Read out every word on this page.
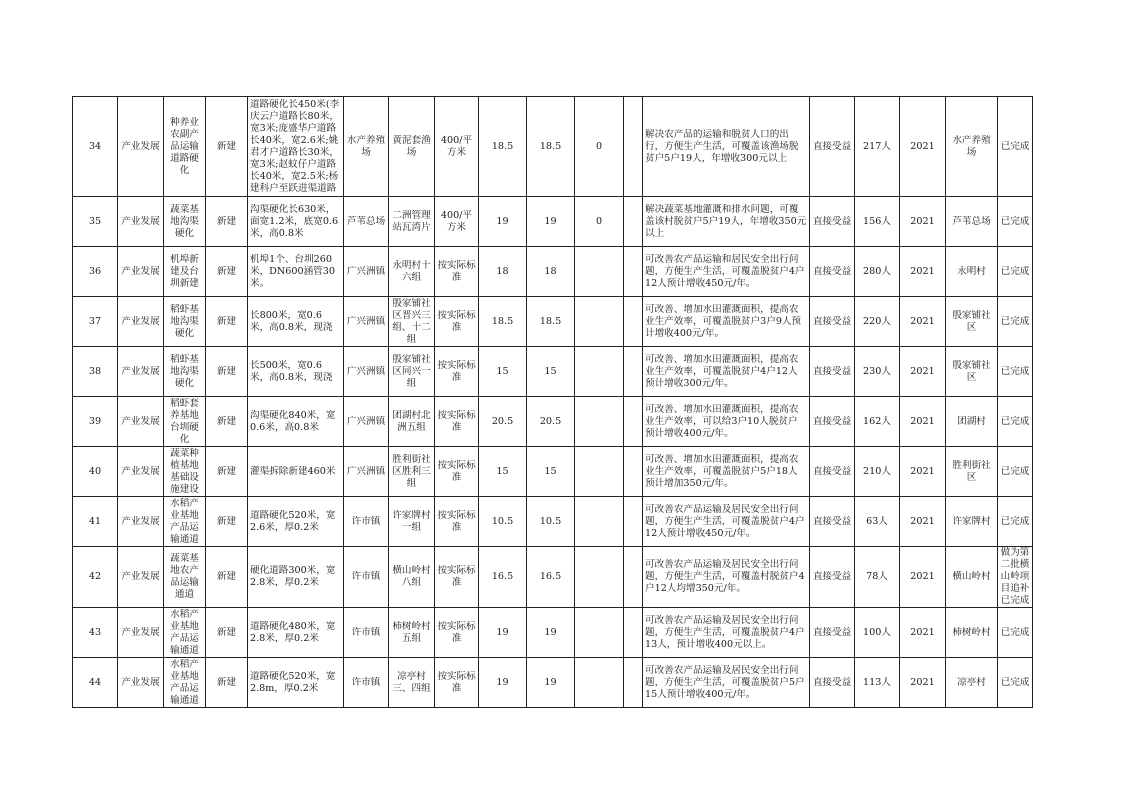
34	产业发展	种养业农副产品运输道路硬化	新建	道路硬化长450米(李庆云户道路长80米，宽3米;庞盛华户道路长40米，宽2.6米;姚君才户道路长30米，宽3米;赵蚊仔户道路长40米，宽2.5米;杨建科户至跃进渠道路	水产养殖场	黄泥套渔场	400/平方米	18.5	18.5	0		解决农产品的运输和脱贫人口的出行，方便生产生活，可覆盖该渔场脱贫户5户19人，年增收300元以上	直接受益	217人	2021	水产养殖场	已完成

35	产业发展	蔬菜基地沟渠硬化	新建	沟渠硬化长630米，面宽1.2米，底宽0.6米，高0.8米	芦苇总场	二洲管理站瓦湾片	400/平方米	19	19	0		解决蔬菜基地灌溉和排水问题，可覆盖该村脱贫户5户19人，年增收350元以上	直接受益	156人	2021	芦苇总场	已完成

36	产业发展	机埠新建及台圳新建	新建	机埠1个、台圳260米，DN600涵管30米。	广兴洲镇	永明村十六组	按实际标准	18	18			可改善农产品运输和居民安全出行问题，方便生产生活，可覆盖脱贫户4户12人预计增收450元/年。	直接受益	280人	2021	永明村	已完成

37	产业发展	稻虾基地沟渠硬化	新建	长800米，宽0.6米，高0.8米，现浇	广兴洲镇	殷家铺社区晋兴三组、十二组	按实际标准	18.5	18.5			可改善、增加水田灌溉面积，提高农业生产效率，可覆盖脱贫户3户9人预计增收400元/年。	直接受益	220人	2021	殷家铺社区	已完成

38	产业发展	稻虾基地沟渠硬化	新建	长500米，宽0.6米，高0.8米，现浇	广兴洲镇	殷家铺社区同兴一组	按实际标准	15	15			可改善、增加水田灌溉面积，提高农业生产效率，可覆盖脱贫户4户12人预计增收300元/年。	直接受益	230人	2021	殷家铺社区	已完成

39	产业发展	稻虾套养基地台圳硬化	新建	沟渠硬化840米，宽0.6米，高0.8米	广兴洲镇	团湖村北洲五组	按实际标准	20.5	20.5			可改善、增加水田灌溉面积，提高农业生产效率，可以给3户10人脱贫户预计增收400元/年。	直接受益	162人	2021	团湖村	已完成

40	产业发展	蔬菜种植基地基础设施建设	新建	灌渠拆除新建460米	广兴洲镇	胜利街社区胜利三组	按实际标准	15	15			可改善、增加水田灌溉面积，提高农业生产效率，可覆盖脱贫户5户18人预计增加350元/年。	直接受益	210人	2021	胜利街社区	已完成

41	产业发展	水稻产业基地产品运输通道	新建	道路硬化520米，宽2.6米，厚0.2米	许市镇	许家牌村一组	按实际标准	10.5	10.5			可改善农产品运输及居民安全出行问题，方便生产生活，可覆盖脱贫户4户12人预计增收450元/年。	直接受益	63人	2021	许家牌村	已完成

42	产业发展	蔬菜基地农产品运输通道	新建	硬化道路300米，宽2.8米，厚0.2米	许市镇	横山岭村八组	按实际标准	16.5	16.5			可改善农产品运输及居民安全出行问题，方便生产生活，可覆盖村脱贫户4户12人均增350元/年。	直接受益	78人	2021	横山岭村	做为第二批横山岭项目追补已完成

43	产业发展	水稻产业基地产品运输通道	新建	道路硬化480米，宽2.8米，厚0.2米	许市镇	柿树岭村五组	按实际标准	19	19			可改善农产品运输及居民安全出行问题，方便生产生活，可覆盖脱贫户4户13人，预计增收400元以上。	直接受益	100人	2021	柿树岭村	已完成

44	产业发展	水稻产业基地产品运输通道	新建	道路硬化520米，宽2.8m，厚0.2米	许市镇	凉亭村三、四组	按实际标准	19	19			可改善农产品运输及居民安全出行问题，方便生产生活，可覆盖脱贫户5户15人预计增收400元/年。	直接受益	113人	2021	凉亭村	已完成
